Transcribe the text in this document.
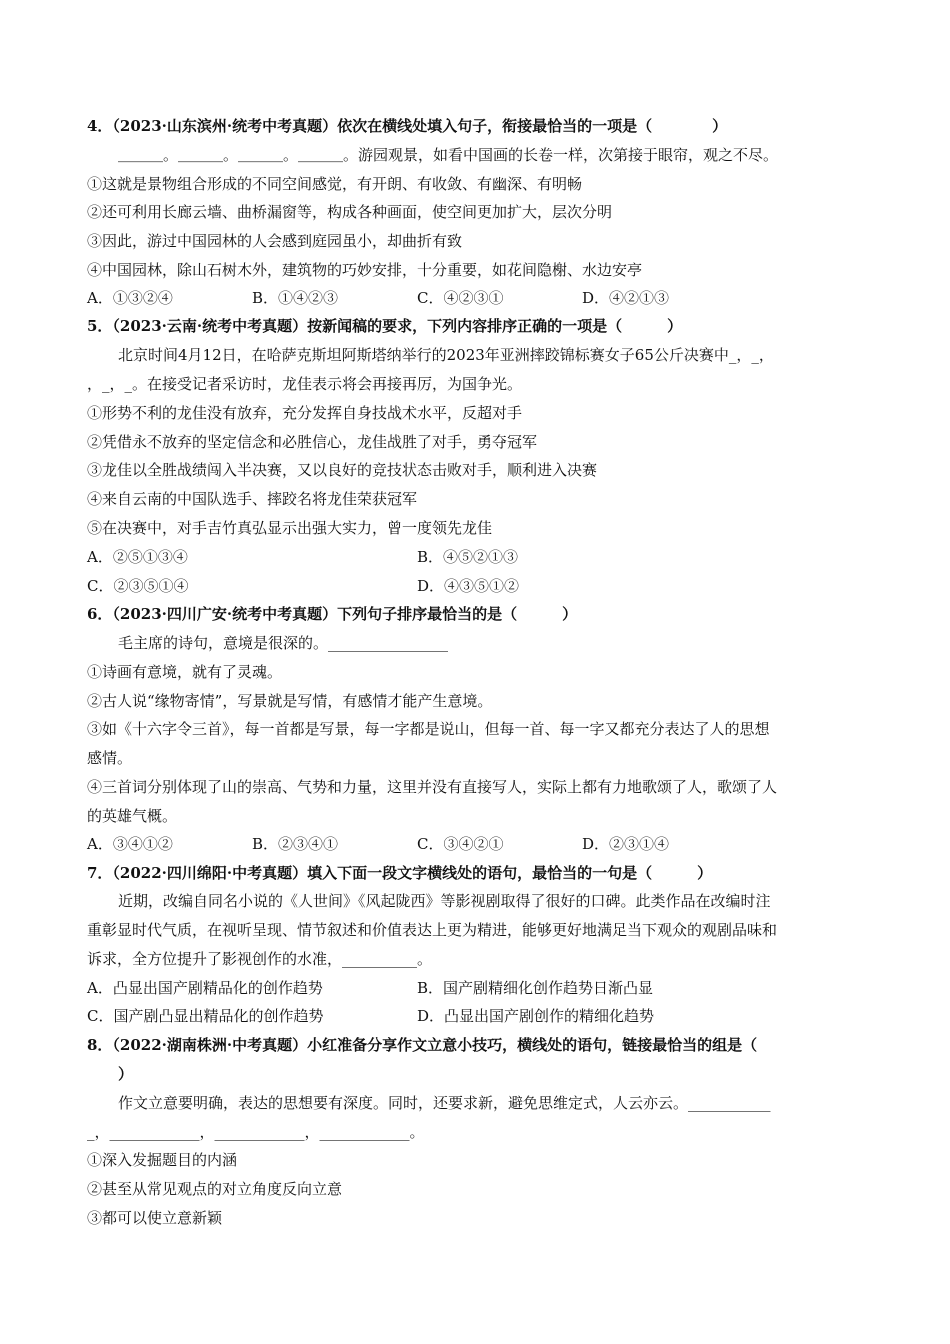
4．（2023·山东滨州·统考中考真题）依次在横线处填入句子，衔接最恰当的一项是（　　　　）
＿＿＿。＿＿＿。＿＿＿。＿＿＿。游园观景，如看中国画的长卷一样，次第接于眼帘，观之不尽。
①这就是景物组合形成的不同空间感觉，有开朗、有收敛、有幽深、有明畅
②还可利用长廊云墙、曲桥漏窗等，构成各种画面，使空间更加扩大，层次分明
③因此，游过中国园林的人会感到庭园虽小，却曲折有致
④中国园林，除山石树木外，建筑物的巧妙安排，十分重要，如花间隐榭、水边安亭
A．①③②④	B．①④②③	C．④②③①	D．④②①③
5．（2023·云南·统考中考真题）按新闻稿的要求，下列内容排序正确的一项是（　　　）
北京时间4月12日，在哈萨克斯坦阿斯塔纳举行的2023年亚洲摔跤锦标赛女子65公斤决赛中_，_，
，_，_。在接受记者采访时，龙佳表示将会再接再厉，为国争光。
①形势不利的龙佳没有放弃，充分发挥自身技战术水平，反超对手
②凭借永不放弃的坚定信念和必胜信心，龙佳战胜了对手，勇夺冠军
③龙佳以全胜战绩闯入半决赛，又以良好的竞技状态击败对手，顺利进入决赛
④来自云南的中国队选手、摔跤名将龙佳荣获冠军
⑤在决赛中，对手吉竹真弘显示出强大实力，曾一度领先龙佳
A．②⑤①③④	B．④⑤②①③
C．②③⑤①④	D．④③⑤①②
6．（2023·四川广安·统考中考真题）下列句子排序最恰当的是（　　　）
毛主席的诗句，意境是很深的。________________
①诗画有意境，就有了灵魂。
②古人说“缘物寄情”，写景就是写情，有感情才能产生意境。
③如《十六字令三首》，每一首都是写景，每一字都是说山，但每一首、每一字又都充分表达了人的思想
感情。
④三首词分别体现了山的崇高、气势和力量，这里并没有直接写人，实际上都有力地歌颂了人，歌颂了人
的英雄气概。
A．③④①②	B．②③④①	C．③④②①	D．②③①④
7．（2022·四川绵阳·中考真题）填入下面一段文字横线处的语句，最恰当的一句是（　　　）
近期，改编自同名小说的《人世间》《风起陇西》等影视剧取得了很好的口碑。此类作品在改编时注
重彰显时代气质，在视听呈现、情节叙述和价值表达上更为精进，能够更好地满足当下观众的观剧品味和
诉求，全方位提升了影视创作的水准，__________。
A．凸显出国产剧精品化的创作趋势	B．国产剧精细化创作趋势日渐凸显
C．国产剧凸显出精品化的创作趋势	D．凸显出国产剧创作的精细化趋势
8．（2022·湖南株洲·中考真题）小红准备分享作文立意小技巧，横线处的语句，链接最恰当的组是（
）
作文立意要明确，表达的思想要有深度。同时，还要求新，避免思维定式，人云亦云。___________
_，____________，____________，____________。
①深入发掘题目的内涵
②甚至从常见观点的对立角度反向立意
③都可以使立意新颖
